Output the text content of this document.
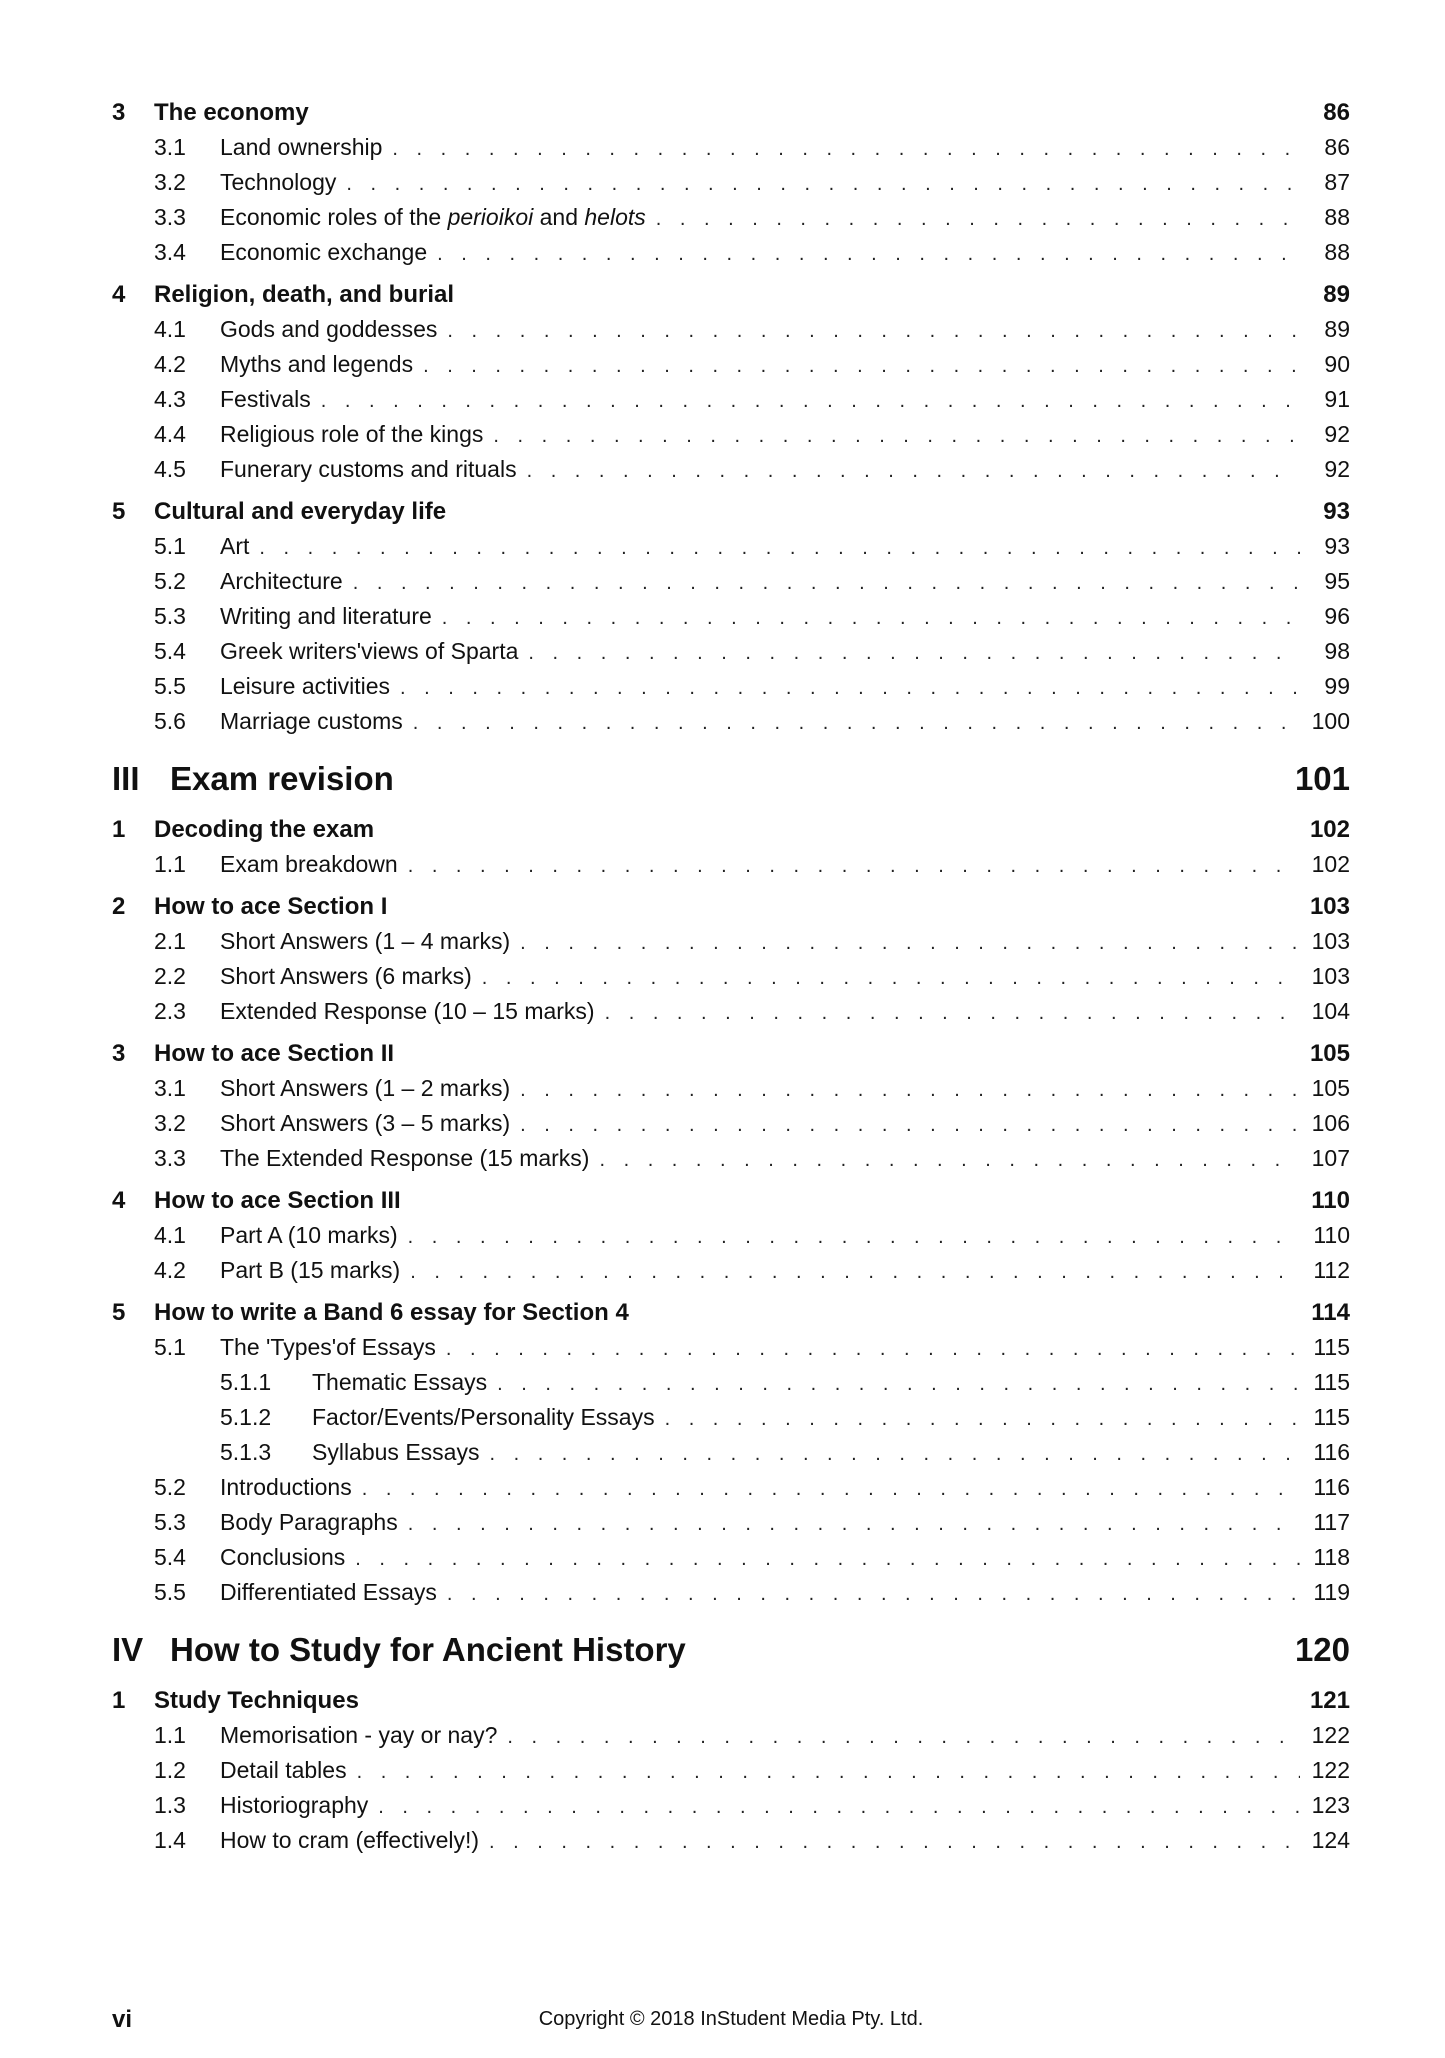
3 The economy	86
3.1	Land ownership . . .	86
3.2	Technology . . .	87
3.3	Economic roles of the perioikoi and helots . . .	88
3.4	Economic exchange . . .	88
4 Religion, death, and burial	89
4.1	Gods and goddesses . . .	89
4.2	Myths and legends . . .	90
4.3	Festivals . . .	91
4.4	Religious role of the kings . . .	92
4.5	Funerary customs and rituals . . .	92
5 Cultural and everyday life	93
5.1	Art . . .	93
5.2	Architecture . . .	95
5.3	Writing and literature . . .	96
5.4	Greek writers'views of Sparta . . .	98
5.5	Leisure activities . . .	99
5.6	Marriage customs . . .	100
III Exam revision	101
1 Decoding the exam	102
1.1	Exam breakdown . . .	102
2 How to ace Section I	103
2.1	Short Answers (1 – 4 marks) . . .	103
2.2	Short Answers (6 marks) . . .	103
2.3	Extended Response (10 – 15 marks) . . .	104
3 How to ace Section II	105
3.1	Short Answers (1 – 2 marks) . . .	105
3.2	Short Answers (3 – 5 marks) . . .	106
3.3	The Extended Response (15 marks) . . .	107
4 How to ace Section III	110
4.1	Part A (10 marks) . . .	110
4.2	Part B (15 marks) . . .	112
5 How to write a Band 6 essay for Section 4	114
5.1	The 'Types'of Essays . . .	115
5.1.1	Thematic Essays . . .	115
5.1.2	Factor/Events/Personality Essays . . .	115
5.1.3	Syllabus Essays . . .	116
5.2	Introductions . . .	116
5.3	Body Paragraphs . . .	117
5.4	Conclusions . . .	118
5.5	Differentiated Essays . . .	119
IV How to Study for Ancient History	120
1 Study Techniques	121
1.1	Memorisation - yay or nay? . . .	122
1.2	Detail tables . . .	122
1.3	Historiography . . .	123
1.4	How to cram (effectively!) . . .	124
vi	Copyright © 2018 InStudent Media Pty. Ltd.
